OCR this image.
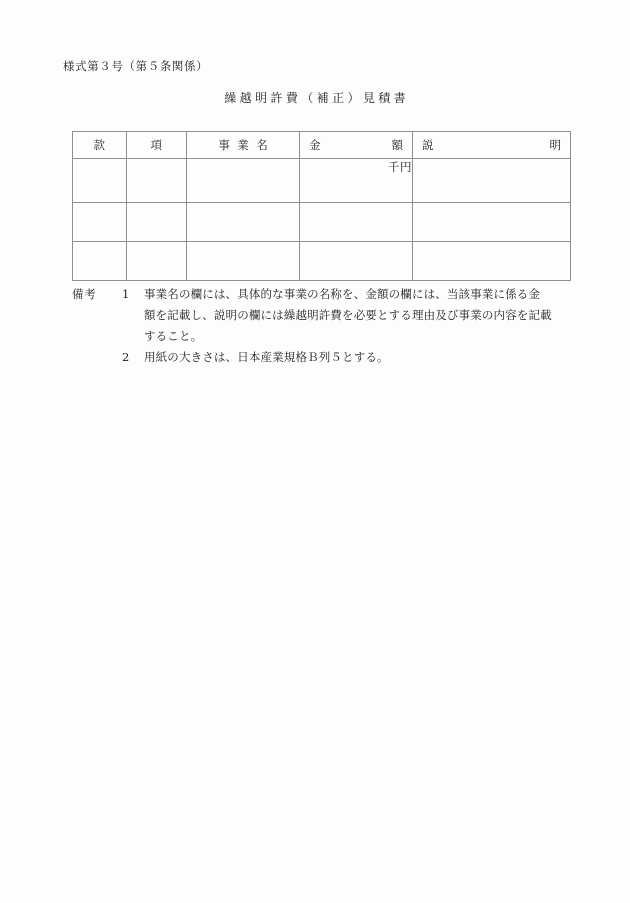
様式第３号（第５条関係）
繰越明許費（補正）見積書
款	項	事業名	金 額	説 明

			千円	

備考	1	事業名の欄には、具体的な事業の名称を、金額の欄には、当該事業に係る金
額を記載し、説明の欄には繰越明許費を必要とする理由及び事業の内容を記載
すること。
2	用紙の大きさは、日本産業規格Ｂ列５とする。
